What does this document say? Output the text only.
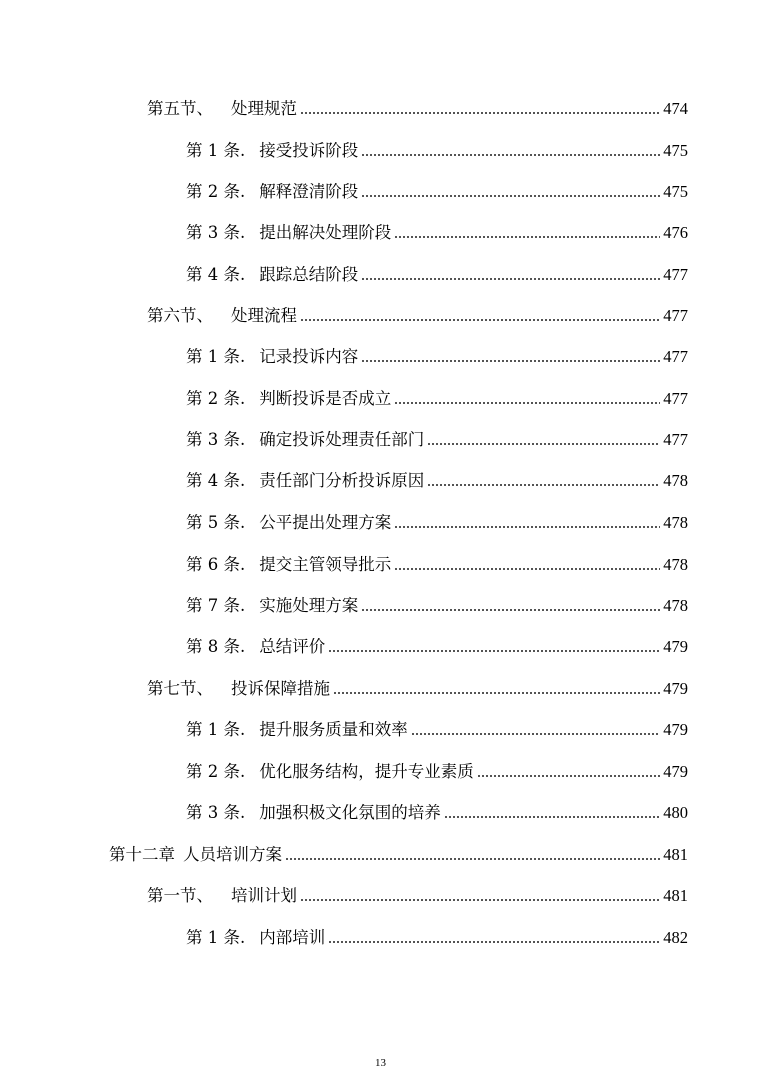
第五节、 处理规范	474
第 1 条. 接受投诉阶段	475
第 2 条. 解释澄清阶段	475
第 3 条. 提出解决处理阶段	476
第 4 条. 跟踪总结阶段	477
第六节、 处理流程	477
第 1 条. 记录投诉内容	477
第 2 条. 判断投诉是否成立	477
第 3 条. 确定投诉处理责任部门	477
第 4 条. 责任部门分析投诉原因	478
第 5 条. 公平提出处理方案	478
第 6 条. 提交主管领导批示	478
第 7 条. 实施处理方案	478
第 8 条. 总结评价	479
第七节、 投诉保障措施	479
第 1 条. 提升服务质量和效率	479
第 2 条. 优化服务结构，提升专业素质	479
第 3 条. 加强积极文化氛围的培养	480
第十二章 人员培训方案	481
第一节、 培训计划	481
第 1 条. 内部培训	482
13
